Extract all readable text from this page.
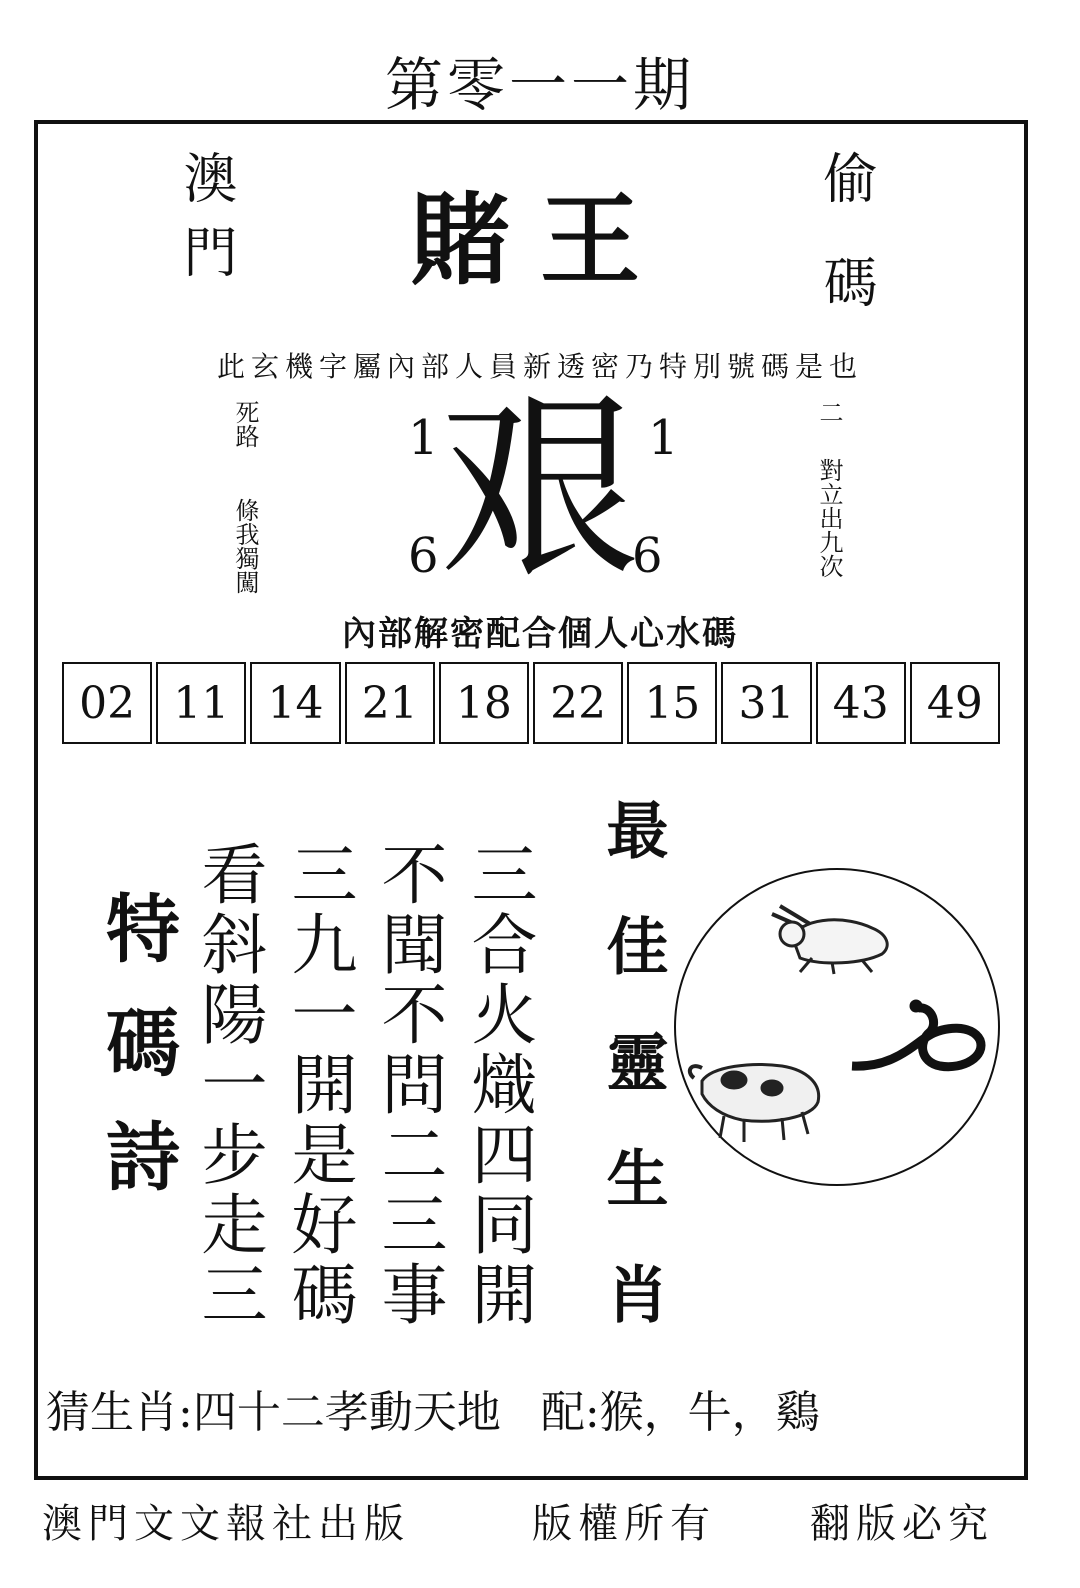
第零一一期
澳門	偷碼
賭王
此玄機字屬內部人員新透密乃特別號碼是也
死路
條我獨闖
二
對立出九次
1	1
6	6
艰
內部解密配合個人心水碼
02 11 14 21 18 22 15 31 43 49
特碼詩 看斜陽一步走三 三九一開是好碼 不聞不問二三事 三合火熾四同開 最佳靈生肖
猜生肖:四十二孝動天地 配:猴，牛，鷄
澳門文文報社出版	版權所有 翻版必究
